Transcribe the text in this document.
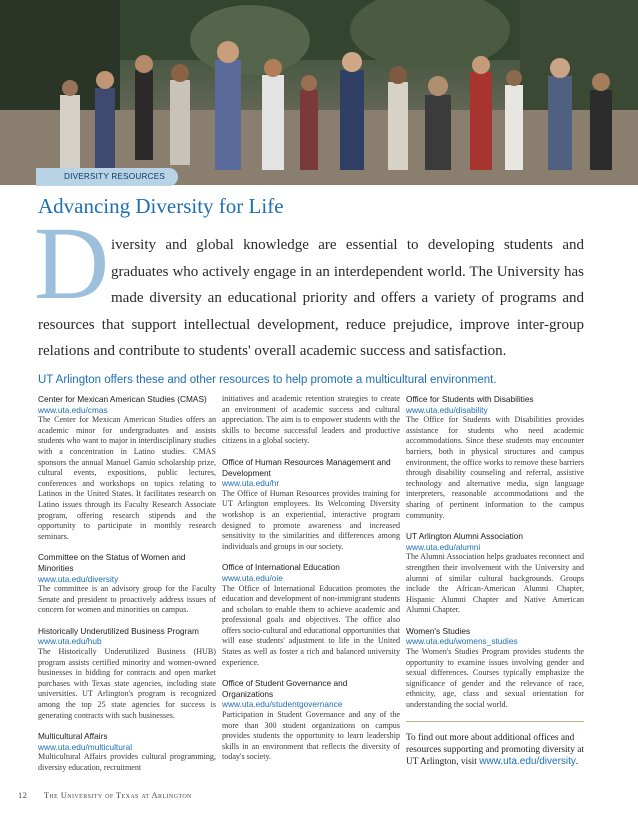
DIVERSITY RESOURCES
Advancing Diversity for Life
D iversity and global knowledge are essential to developing students and graduates who actively engage in an interdependent world. The University has made diversity an educational priority and offers a variety of programs and resources that support intellectual development, reduce prejudice, improve inter-group relations and contribute to students' overall academic success and satisfaction.

UT Arlington offers these and other resources to help promote a multicultural environment.

Center for Mexican American Studies (CMAS)
www.uta.edu/cmas
The Center for Mexican American Studies offers an academic minor for undergraduates and assists students who want to major in interdisciplinary studies with a concentration in Latino studies. CMAS sponsors the annual Manuel Gamio scholarship prize, cultural events, expositions, public lectures, conferences and workshops on topics relating to Latinos in the United States. It facilitates research on Latino issues through its Faculty Research Associate program, offering research stipends and the opportunity to participate in monthly research seminars.
Committee on the Status of Women and Minorities
www.uta.edu/diversity
The committee is an advisory group for the Faculty Senate and president to proactively address issues of concern for women and minorities on campus.
Historically Underutilized Business Program
www.uta.edu/hub
The Historically Underutilized Business (HUB) program assists certified minority and women-owned businesses in bidding for contracts and open market purchases with Texas state agencies, including state universities. UT Arlington's program is recognized among the top 25 state agencies for success is generating contracts with such businesses.
Multicultural Affairs
www.uta.edu/multicultural
Multicultural Affairs provides cultural programming, diversity education, recruitment
initiatives and academic retention strategies to create an environment of academic success and cultural appreciation. The aim is to empower students with the skills to become successful leaders and productive citizens in a global society.
Office of Human Resources Management and Development
www.uta.edu/hr
The Office of Human Resources provides training for UT Arlington employees. Its Welcoming Diversity workshop is an experiential, interactive program designed to promote awareness and increased sensitivity to the similarities and differences among individuals and groups in our society.
Office of International Education
www.uta.edu/oie
The Office of International Education promotes the education and development of non-immigrant students and scholars to enable them to achieve academic and professional goals and objectives. The office also offers socio-cultural and educational opportunities that will ease students' adjustment to life in the United States as well as foster a rich and balanced university experience.
Office of Student Governance and Organizations
www.uta.edu/studentgovernance
Participation in Student Governance and any of the more than 300 student organizations on campus provides students the opportunity to learn leadership skills in an environment that reflects the diversity of today's society.
Office for Students with Disabilities
www.uta.edu/disability
The Office for Students with Disabilities provides assistance for students who need academic accommodations. Since these students may encounter barriers, both in physical structures and campus environment, the office works to remove these barriers through disability counseling and referral, assistive technology and alternative media, sign language interpreters, reasonable accommodations and the sharing of pertinent information to the campus community.
UT Arlington Alumni Association
www.uta.edu/alumni
The Alumni Association helps graduates reconnect and strengthen their involvement with the University and alumni of similar cultural backgrounds. Groups include the African-American Alumni Chapter, Hispanic Alumni Chapter and Native American Alumni Chapter.
Women's Studies
www.uta.edu/womens_studies
The Women's Studies Program provides students the opportunity to examine issues involving gender and sexual differences. Courses typically emphasize the significance of gender and the relevance of race, ethnicity, age, class and sexual orientation for understanding the social world.
To find out more about additional offices and resources supporting and promoting diversity at UT Arlington, visit www.uta.edu/diversity.
12 The University of Texas at Arlington
